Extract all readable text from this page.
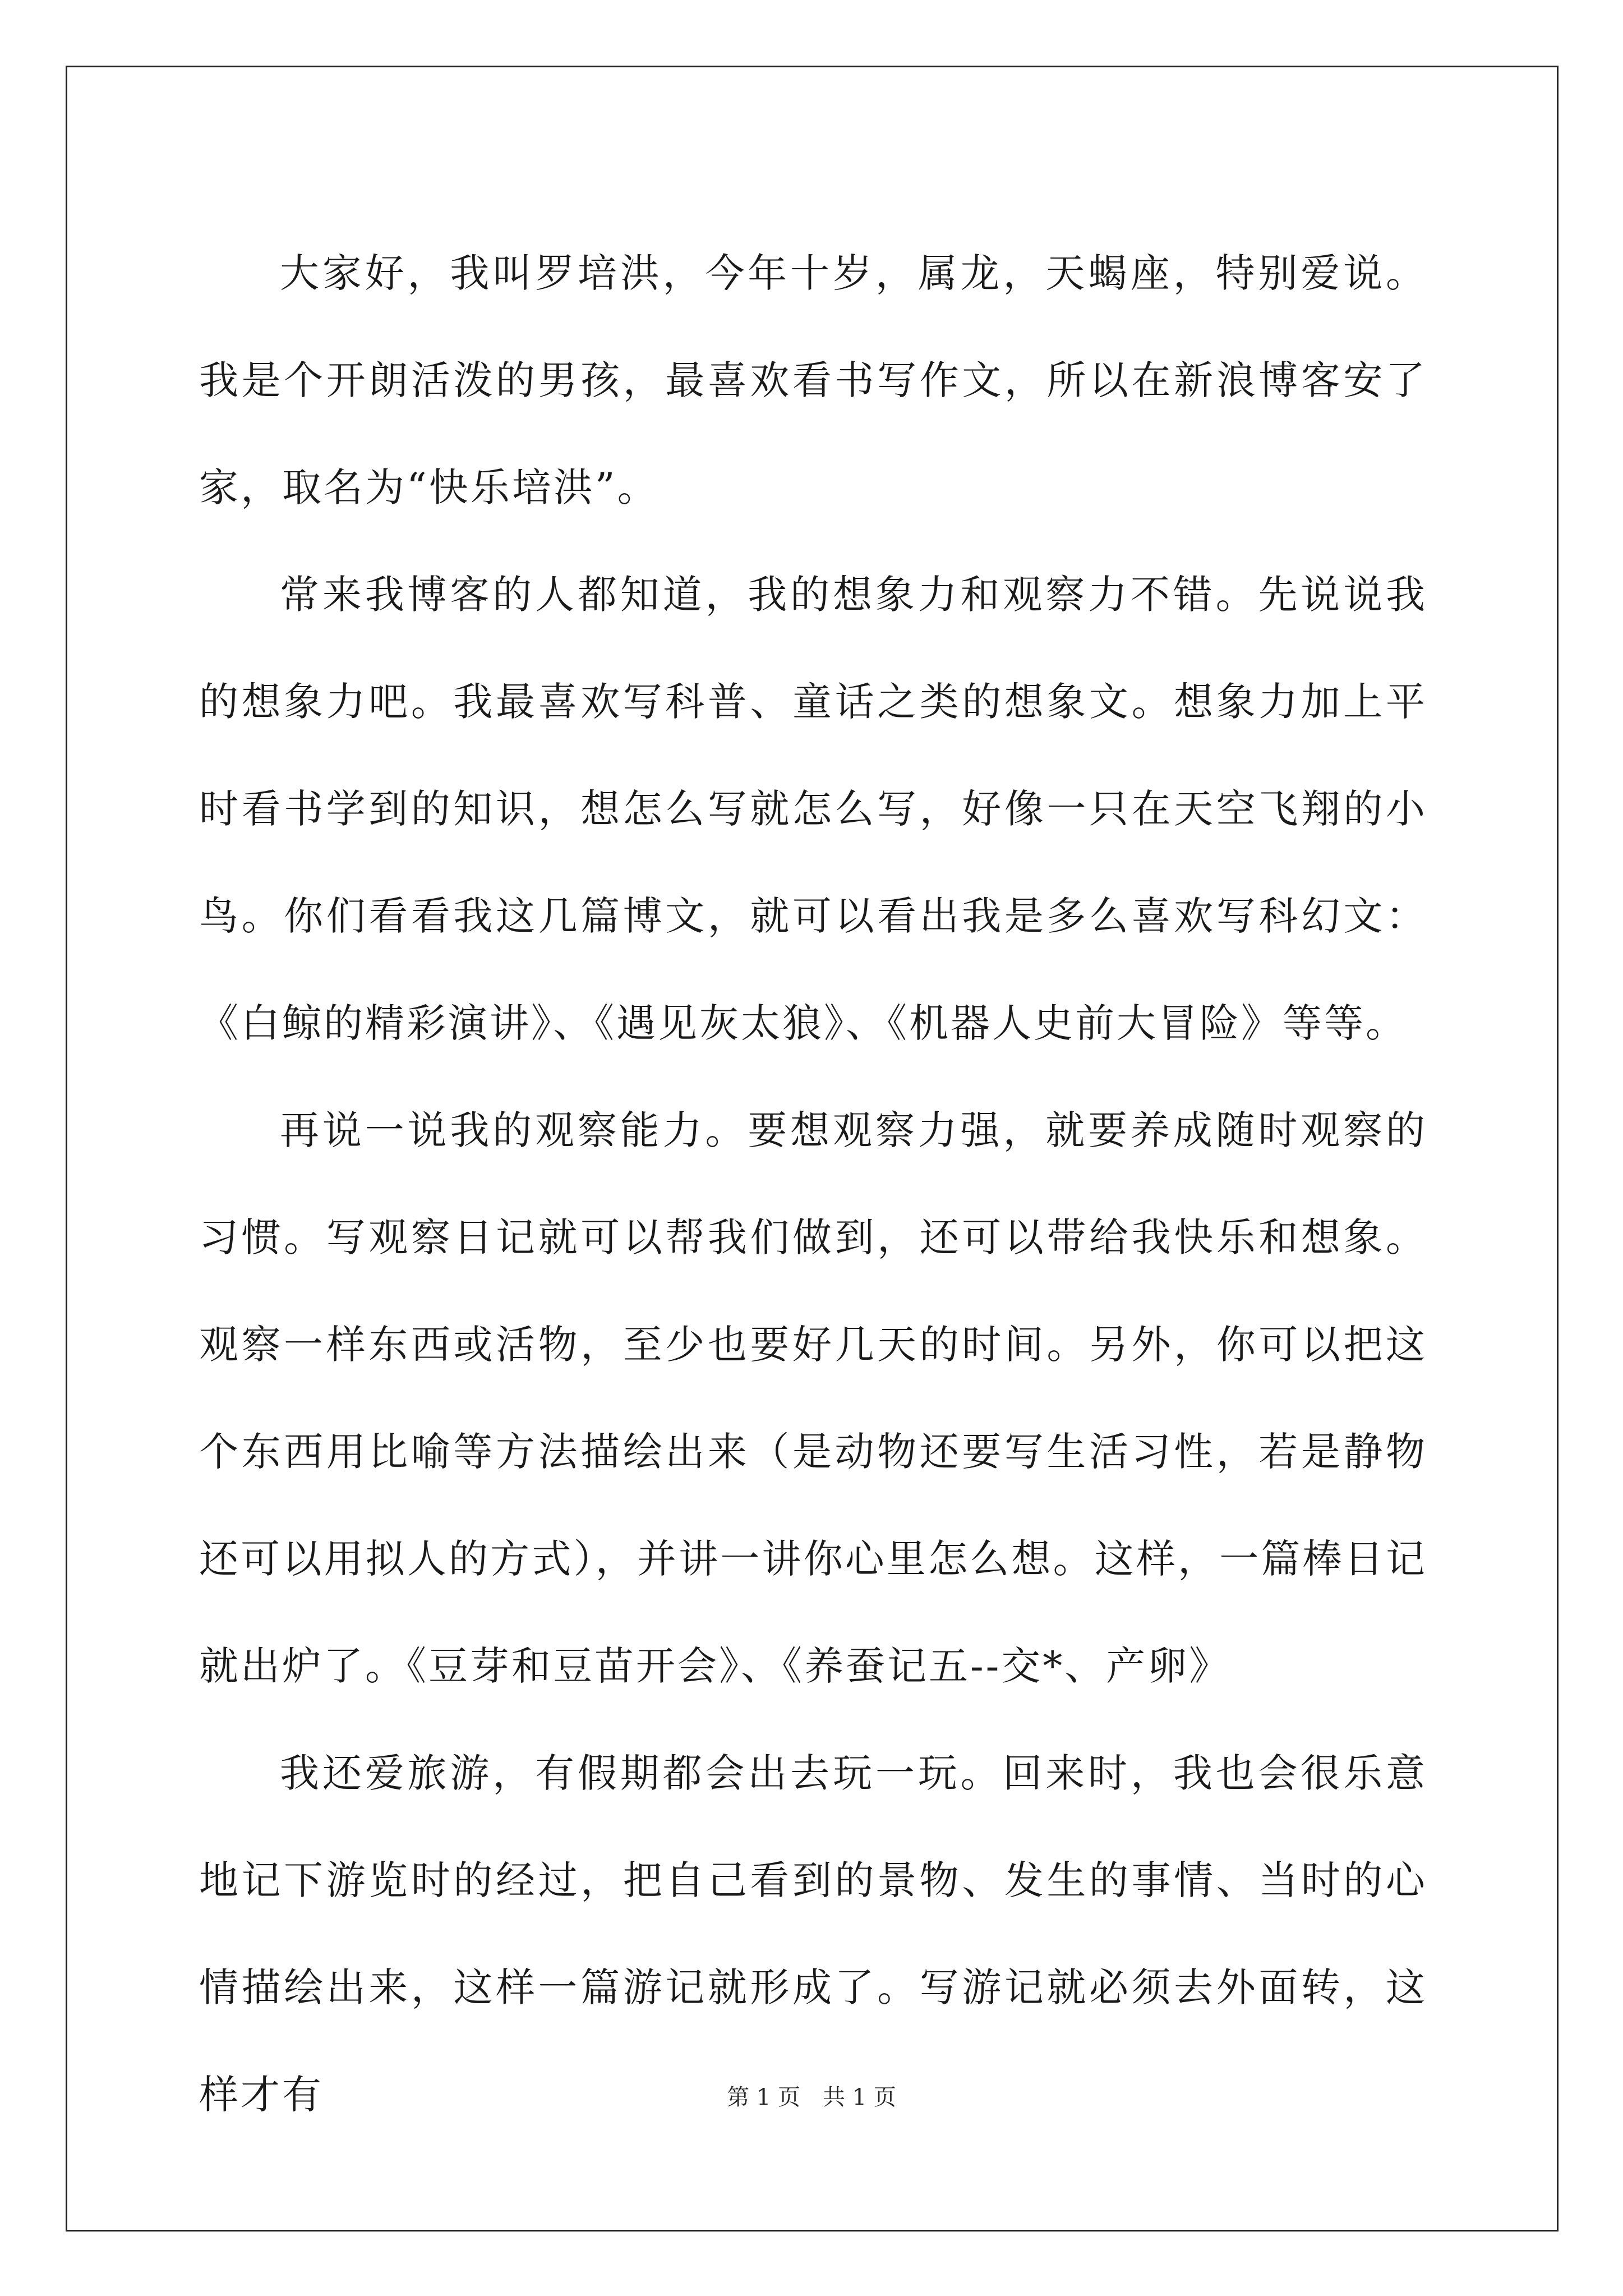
大家好，我叫罗培洪，今年十岁，属龙，天蝎座，特别爱说。我是个开朗活泼的男孩，最喜欢看书写作文，所以在新浪博客安了家，取名为“快乐培洪”。

常来我博客的人都知道，我的想象力和观察力不错。先说说我的想象力吧。我最喜欢写科普、童话之类的想象文。想象力加上平时看书学到的知识，想怎么写就怎么写，好像一只在天空飞翔的小鸟。你们看看我这几篇博文，就可以看出我是多么喜欢写科幻文：《白鲸的精彩演讲》、《遇见灰太狼》、《机器人史前大冒险》等等。

再说一说我的观察能力。要想观察力强，就要养成随时观察的习惯。写观察日记就可以帮我们做到，还可以带给我快乐和想象。观察一样东西或活物，至少也要好几天的时间。另外，你可以把这个东西用比喻等方法描绘出来（是动物还要写生活习性，若是静物还可以用拟人的方式），并讲一讲你心里怎么想。这样，一篇棒日记就出炉了。《豆芽和豆苗开会》、《养蚕记五--交*、产卵》

我还爱旅游，有假期都会出去玩一玩。回来时，我也会很乐意地记下游览时的经过，把自己看到的景物、发生的事情、当时的心情描绘出来，这样一篇游记就形成了。写游记就必须去外面转，这样才有	第 1 页　共 1 页
